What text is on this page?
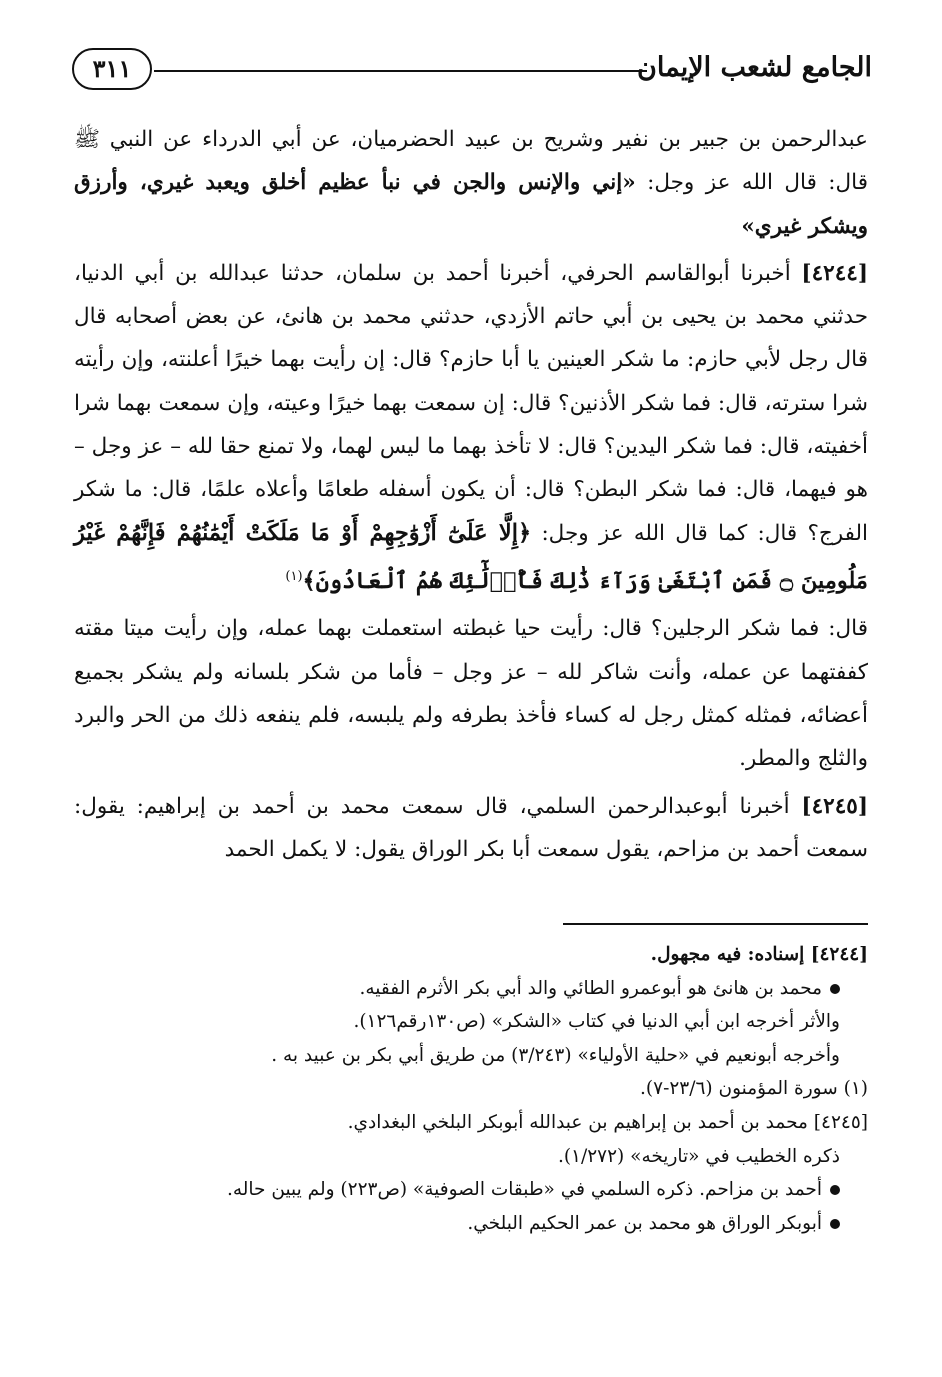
الجامع لشعب الإيمان
٣١١

عبدالرحمن بن جبير بن نفير وشريح بن عبيد الحضرميان، عن أبي الدرداء عن النبي ﷺ قال: قال الله عز وجل: «إني والإنس والجن في نبأ عظيم أخلق ويعبد غيري، وأرزق ويشكر غيري»

[٤٢٤٤] أخبرنا أبوالقاسم الحرفي، أخبرنا أحمد بن سلمان، حدثنا عبدالله بن أبي الدنيا، حدثني محمد بن يحيى بن أبي حاتم الأزدي، حدثني محمد بن هانئ، عن بعض أصحابه قال قال رجل لأبي حازم: ما شكر العينين يا أبا حازم؟ قال: إن رأيت بهما خيرًا أعلنته، وإن رأيته شرا سترته، قال: فما شكر الأذنين؟ قال: إن سمعت بهما خيرًا وعيته، وإن سمعت بهما شرا أخفيته، قال: فما شكر اليدين؟ قال: لا تأخذ بهما ما ليس لهما، ولا تمنع حقا لله – عز وجل – هو فيهما، قال: فما شكر البطن؟ قال: أن يكون أسفله طعامًا وأعلاه علمًا، قال: ما شكر الفرج؟ قال: كما قال الله عز وجل: ﴿إِلَّا عَلَىٰٓ أَزْوَٰجِهِمْ أَوْ مَا مَلَكَتْ أَيْمَٰنُهُمْ فَإِنَّهُمْ غَيْرُ مَلُومِينَ ۝ فَمَنِ ٱبْتَغَىٰ وَرَآءَ ذَٰلِكَ فَأُو۟لَٰٓئِكَ هُمُ ٱلْعَادُونَ﴾$^{(١)}$

قال: فما شكر الرجلين؟ قال: رأيت حيا غبطته استعملت بهما عمله، وإن رأيت ميتا مقته كففتهما عن عمله، وأنت شاكر لله – عز وجل – فأما من شكر بلسانه ولم يشكر بجميع أعضائه، فمثله كمثل رجل له كساء فأخذ بطرفه ولم يلبسه، فلم ينفعه ذلك من الحر والبرد والثلج والمطر.

[٤٢٤٥] أخبرنا أبوعبدالرحمن السلمي، قال سمعت محمد بن أحمد بن إبراهيم: يقول: سمعت أحمد بن مزاحم، يقول سمعت أبا بكر الوراق يقول: لا يكمل الحمد

[٤٢٤٤] إسناده: فيه مجهول.
محمد بن هانئ هو أبوعمرو الطائي والد أبي بكر الأثرم الفقيه.
والأثر أخرجه ابن أبي الدنيا في كتاب «الشكر» (ص١٣٠رقم١٢٦).
وأخرجه أبونعيم في «حلية الأولياء» (٣/٢٤٣) من طريق أبي بكر بن عبيد به .
(١) سورة المؤمنون (٢٣/٦-٧).
[٤٢٤٥] محمد بن أحمد بن إبراهيم بن عبدالله أبوبكر البلخي البغدادي.
ذكره الخطيب في «تاريخه» (١/٢٧٢).
أحمد بن مزاحم. ذكره السلمي في «طبقات الصوفية» (ص٢٢٣) ولم يبين حاله.
أبوبكر الوراق هو محمد بن عمر الحكيم البلخي.
